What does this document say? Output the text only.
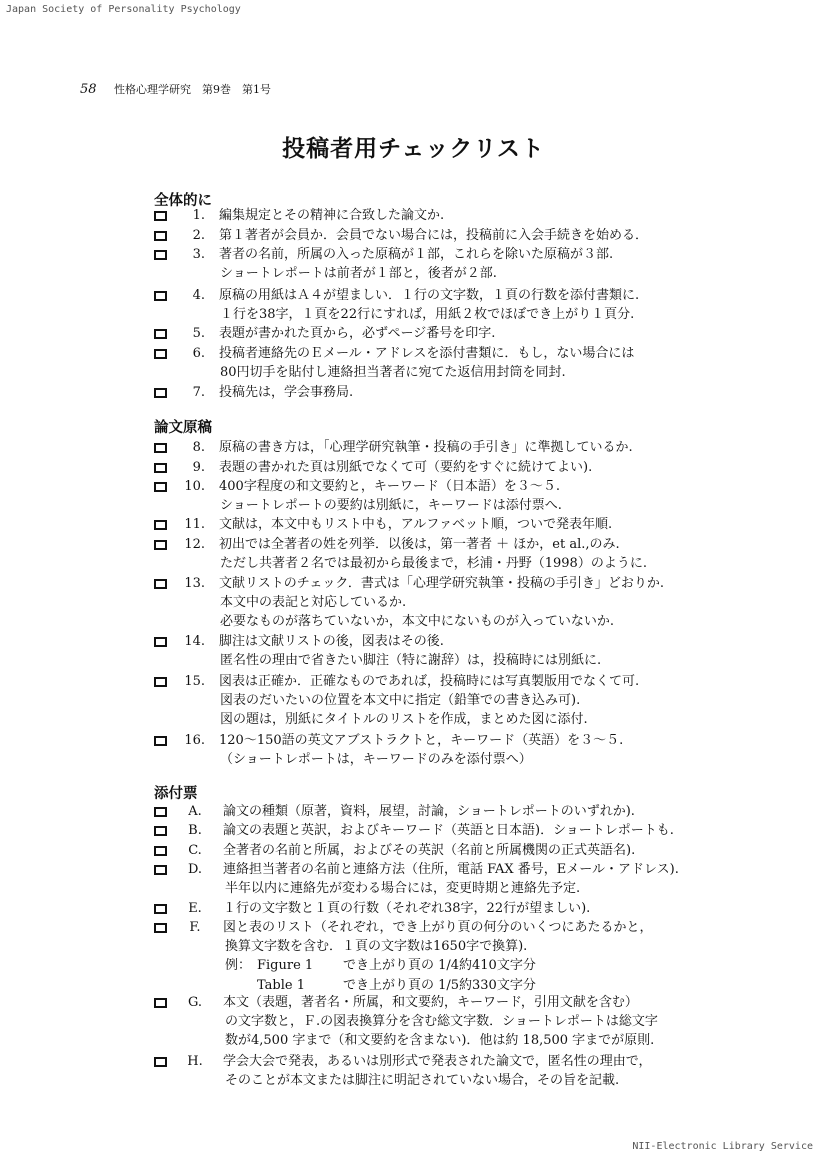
Japan Society of Personality Psychology
58 性格心理学研究　第9巻　第1号
投稿者用チェックリスト
全体的に
論文原稿
添付票
1.	編集規定とその精神に合致した論文か.
2.	第１著者が会員か．会員でない場合には，投稿前に入会手続きを始める．
3.	著者の名前，所属の入った原稿が１部，これらを除いた原稿が３部.
ショートレポートは前者が１部と，後者が２部.
4.	原稿の用紙はＡ４が望ましい．１行の文字数，１頁の行数を添付書類に.
１行を38字，１頁を22行にすれば，用紙２枚でほぼでき上がり１頁分.
5.	表題が書かれた頁から，必ずページ番号を印字.
6.	投稿者連絡先のＥメール・アドレスを添付書類に．もし，ない場合には
80円切手を貼付し連絡担当著者に宛てた返信用封筒を同封.
7.	投稿先は，学会事務局.
8.	原稿の書き方は，「心理学研究執筆・投稿の手引き」に準拠しているか.
9.	表題の書かれた頁は別紙でなくて可（要約をすぐに続けてよい).
10.	400字程度の和文要約と，キーワード（日本語）を３～５.
ショートレポートの要約は別紙に，キーワードは添付票へ.
11.	文献は，本文中もリスト中も，アルファベット順，ついで発表年順.
12.	初出では全著者の姓を列挙．以後は，第一著者 ＋ ほか，et al.,のみ.
ただし共著者２名では最初から最後まで，杉浦・丹野（1998）のように.
13.	文献リストのチェック．書式は「心理学研究執筆・投稿の手引き」どおりか.
本文中の表記と対応しているか.
必要なものが落ちていないか，本文中にないものが入っていないか.
14.	脚注は文献リストの後，図表はその後.
匿名性の理由で省きたい脚注（特に謝辞）は，投稿時には別紙に.
15.	図表は正確か．正確なものであれば，投稿時には写真製版用でなくて可.
図表のだいたいの位置を本文中に指定（鉛筆での書き込み可).
図の題は，別紙にタイトルのリストを作成，まとめた図に添付.
16.	120～150語の英文アブストラクトと，キーワード（英語）を３～５.
（ショートレポートは，キーワードのみを添付票へ）
A.	論文の種類（原著，資料，展望，討論，ショートレポートのいずれか).
B.	論文の表題と英訳，およびキーワード（英語と日本語)．ショートレポートも.
C.	全著者の名前と所属，およびその英訳（名前と所属機関の正式英語名).
D.	連絡担当著者の名前と連絡方法（住所，電話 FAX 番号，Eメール・アドレス).
半年以内に連絡先が変わる場合には，変更時期と連絡先予定.
E.	１行の文字数と１頁の行数（それぞれ38字，22行が望ましい).
F.	図と表のリスト（それぞれ，でき上がり頁の何分のいくつにあたるかと，
換算文字数を含む．１頁の文字数は1650字で換算).
例： Figure 1 でき上がり頁の 1/4約410文字分
Table 1	でき上がり頁の 1/5約330文字分
G.	本文（表題，著者名・所属，和文要約，キーワード，引用文献を含む）
の文字数と，Ｆ.の図表換算分を含む総文字数．ショートレポートは総文字
数が4,500 字まで（和文要約を含まない)．他は約 18,500 字までが原則.
H.	学会大会で発表，あるいは別形式で発表された論文で，匿名性の理由で，
そのことが本文または脚注に明記されていない場合，その旨を記載.
NII-Electronic Library Service
